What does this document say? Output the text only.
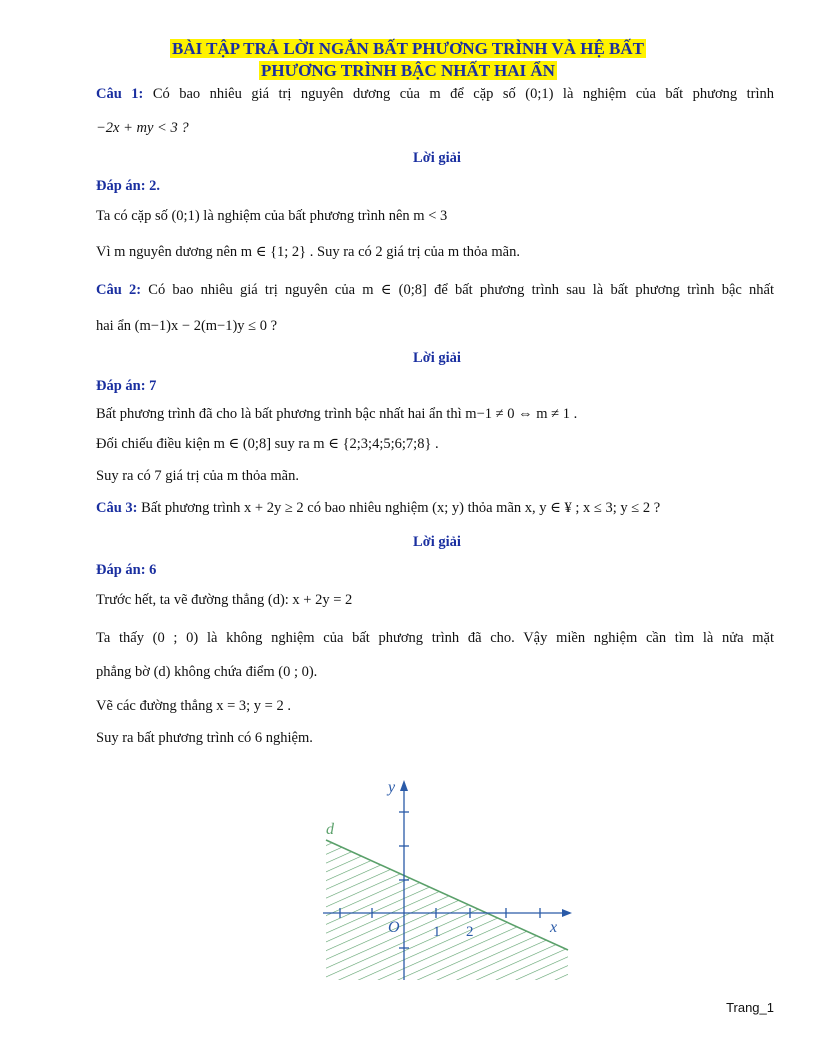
BÀI TẬP TRẢ LỜI NGẮN BẤT PHƯƠNG TRÌNH VÀ HỆ BẤT
PHƯƠNG TRÌNH BẬC NHẤT HAI ẨN
Câu 1: Có bao nhiêu giá trị nguyên dương của m để cặp số (0;1) là nghiệm của bất phương trình
−2x + my < 3 ?
Lời giải
Đáp án: 2.
Ta có cặp số (0;1) là nghiệm của bất phương trình nên m < 3
Vì m nguyên dương nên m ∈ {1; 2} . Suy ra có 2 giá trị của m thỏa mãn.
Câu 2: Có bao nhiêu giá trị nguyên của m ∈ (0;8] để bất phương trình sau là bất phương trình bậc nhất
hai ẩn (m−1)x − 2(m−1)y ≤ 0 ?
Lời giải
Đáp án: 7
Bất phương trình đã cho là bất phương trình bậc nhất hai ẩn thì m−1 ≠ 0 ⇔ m ≠ 1 .
Đối chiếu điều kiện m ∈ (0;8] suy ra m ∈ {2;3;4;5;6;7;8} .
Suy ra có 7 giá trị của m thỏa mãn.
Câu 3: Bất phương trình x + 2y ≥ 2 có bao nhiêu nghiệm (x; y) thỏa mãn x, y ∈ ¥ ; x ≤ 3; y ≤ 2 ?
Lời giải
Đáp án: 6
Trước hết, ta vẽ đường thẳng (d): x + 2y = 2
Ta thấy (0 ; 0) là không nghiệm của bất phương trình đã cho. Vậy miền nghiệm cần tìm là nửa mặt
phẳng bờ (d) không chứa điểm (0 ; 0).
Vẽ các đường thẳng x = 3; y = 2 .
Suy ra bất phương trình có 6 nghiệm.
y
x
d
O 1 2
Trang_1
